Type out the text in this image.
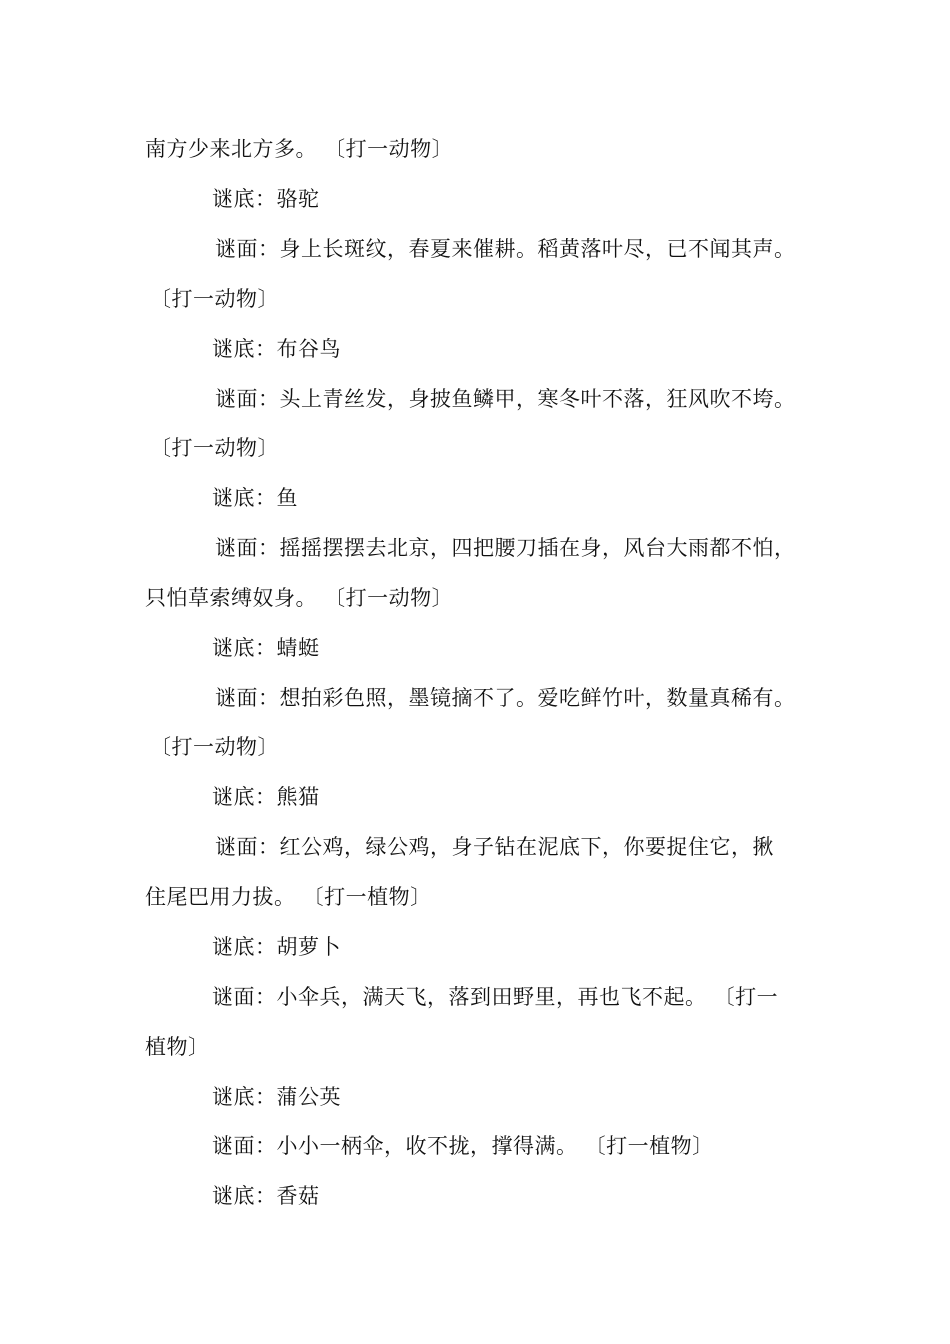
南方少来北方多。 〔打一动物〕
谜底：骆驼
谜面：身上长斑纹，春夏来催耕。稻黄落叶尽，已不闻其声。
〔打一动物〕
谜底：布谷鸟
谜面：头上青丝发，身披鱼鳞甲，寒冬叶不落，狂风吹不垮。
〔打一动物〕
谜底：鱼
谜面：摇摇摆摆去北京，四把腰刀插在身，风台大雨都不怕，
只怕草索缚奴身。 〔打一动物〕
谜底：蜻蜓
谜面：想拍彩色照，墨镜摘不了。爱吃鲜竹叶，数量真稀有。
〔打一动物〕
谜底：熊猫
谜面：红公鸡，绿公鸡，身子钻在泥底下，你要捉住它，揪
住尾巴用力拔。 〔打一植物〕
谜底：胡萝卜
谜面：小伞兵，满天飞，落到田野里，再也飞不起。 〔打一
植物〕
谜底：蒲公英
谜面：小小一柄伞，收不拢，撑得满。 〔打一植物〕
谜底：香菇
